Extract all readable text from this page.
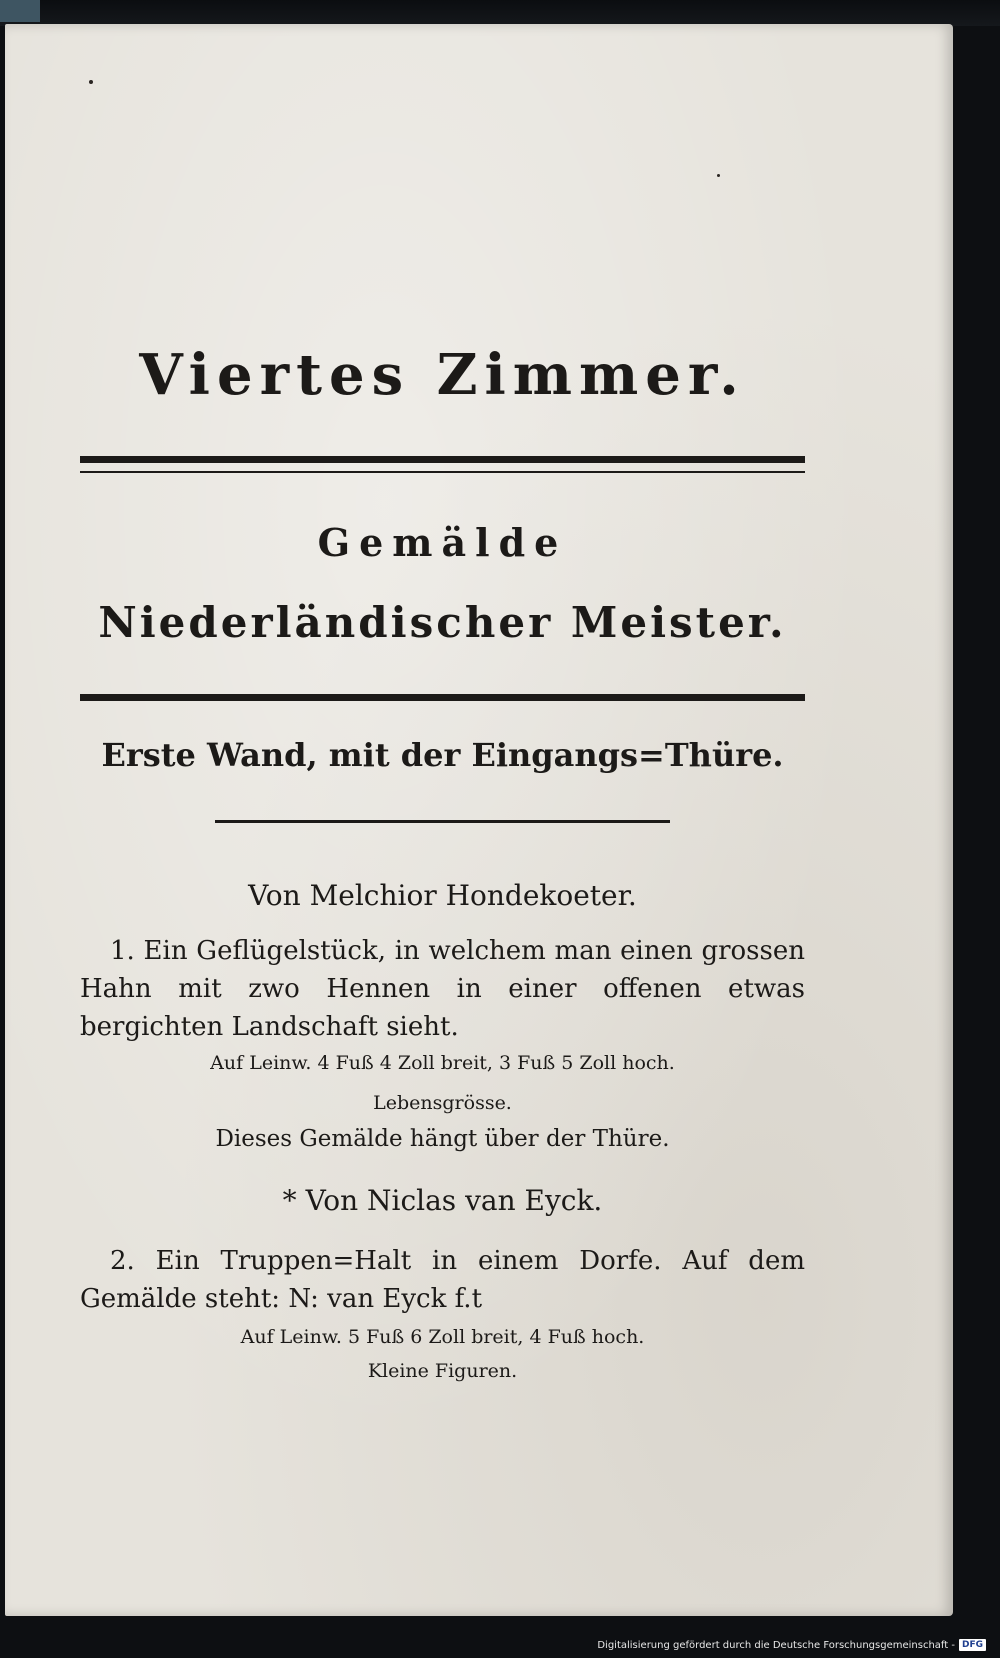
Viertes Zimmer.
Gemälde
Niederländischer Meister.
Erste Wand, mit der Eingangs=Thüre.
Von Melchior Hondekoeter.
1. Ein Geflügelstück, in welchem man einen grossen Hahn mit zwo Hennen in einer offenen etwas bergichten Landschaft sieht.
Auf Leinw. 4 Fuß 4 Zoll breit, 3 Fuß 5 Zoll hoch.
Lebensgrösse.
Dieses Gemälde hängt über der Thüre.
* Von Niclas van Eyck.
2. Ein Truppen=Halt in einem Dorfe. Auf dem Gemälde steht: N: van Eyck f.t
Auf Leinw. 5 Fuß 6 Zoll breit, 4 Fuß hoch.
Kleine Figuren.
Digitalisierung gefördert durch die Deutsche Forschungsgemeinschaft - DFG
